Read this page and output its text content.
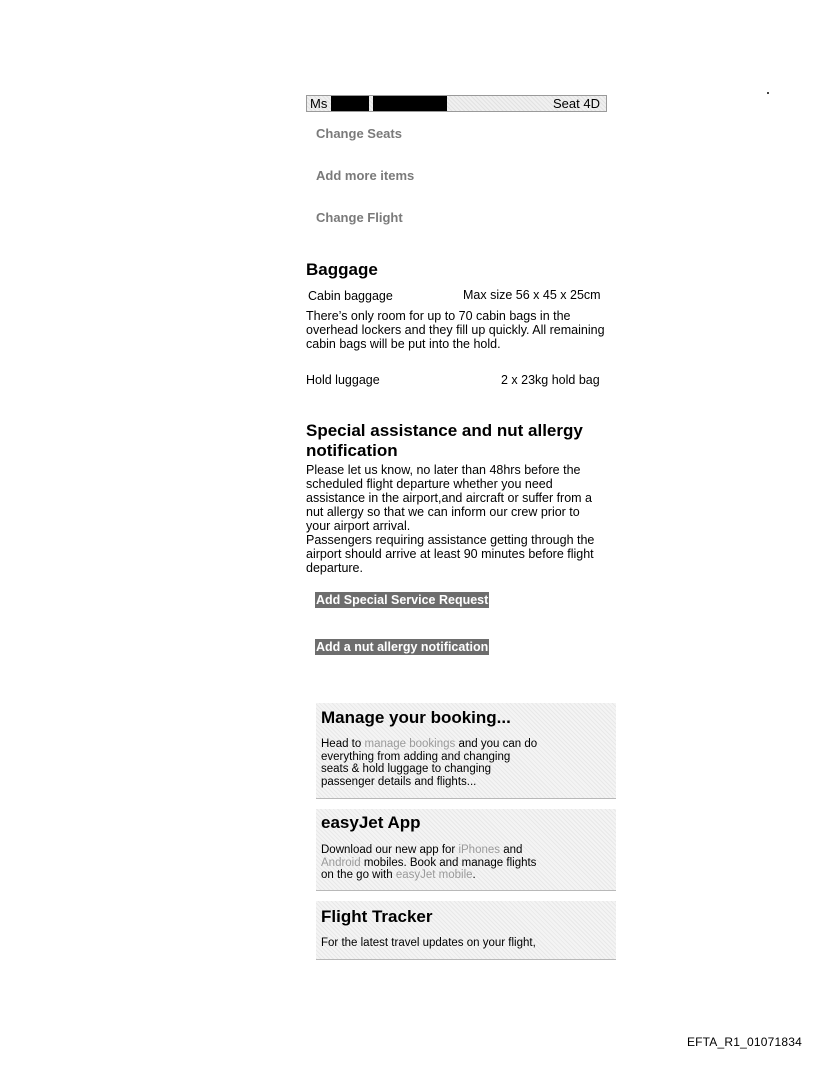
Ms	Seat 4D
Change Seats
Add more items
Change Flight
Baggage
Cabin baggage	Max size 56 x 45 x 25cm
There’s only room for up to 70 cabin bags in the
overhead lockers and they fill up quickly. All remaining
cabin bags will be put into the hold.
Hold luggage	2 x 23kg hold bag
Special assistance and nut allergy
notification
Please let us know, no later than 48hrs before the
scheduled flight departure whether you need
assistance in the airport,and aircraft or suffer from a
nut allergy so that we can inform our crew prior to
your airport arrival.
Passengers requiring assistance getting through the
airport should arrive at least 90 minutes before flight
departure.
Add Special Service Request
Add a nut allergy notification
Manage your booking...
Head to manage bookings and you can do
everything from adding and changing
seats & hold luggage to changing
passenger details and flights...
easyJet App
Download our new app for iPhones and
Android mobiles. Book and manage flights
on the go with easyJet mobile.
Flight Tracker
For the latest travel updates on your flight,
EFTA_R1_01071834
